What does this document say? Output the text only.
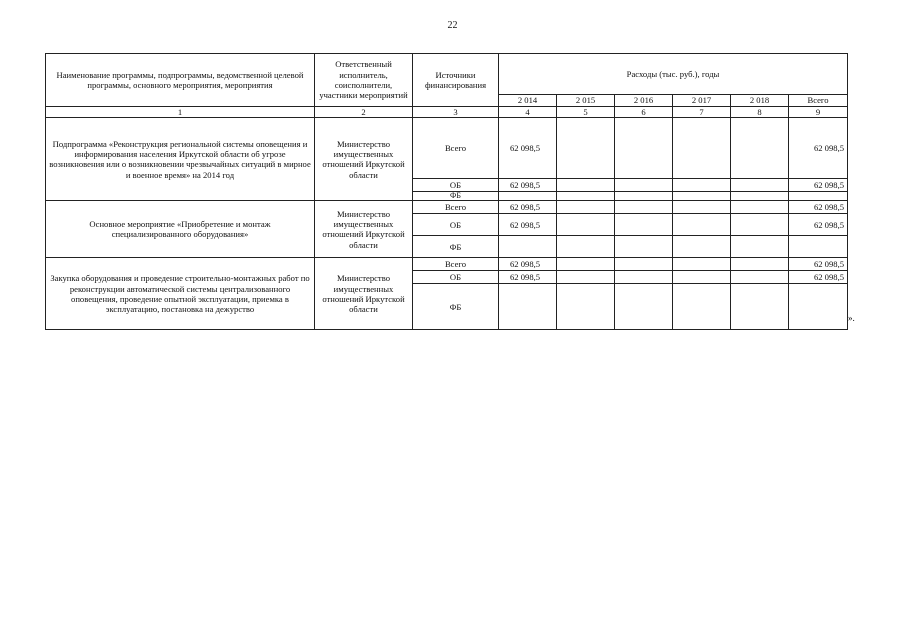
22
Наименование программы, подпрограммы, ведомственной целевой программы, основного мероприятия, мероприятия	Ответственный исполнитель, соисполнители, участники мероприятий	Источники финансирования	Расходы (тыс. руб.), годы					
			2 014	2 015	2 016	2 017	2 018	Всего
1	2	3	4	5	6	7	8	9
Подпрограмма «Реконструкция региональной системы оповещения и информирования населения Иркутской области об угрозе возникновения или о возникновении чрезвычайных ситуаций в мирное и военное время» на 2014 год	Министерство имущественных отношений Иркутской области	Всего	62 098,5					62 098,5
		ОБ	62 098,5					62 098,5
		ФБ						
Основное мероприятие «Приобретение и монтаж специализированного оборудования»	Министерство имущественных отношений Иркутской области	Всего	62 098,5					62 098,5
		ОБ	62 098,5					62 098,5
		ФБ						
Закупка оборудования и проведение строительно-монтажных работ по реконструкции автоматической системы централизованного оповещения, проведение опытной эксплуатации, приемка в эксплуатацию, постановка на дежурство	Министерство имущественных отношений Иркутской области	Всего	62 098,5					62 098,5
		ОБ	62 098,5					62 098,5
		ФБ						
».
